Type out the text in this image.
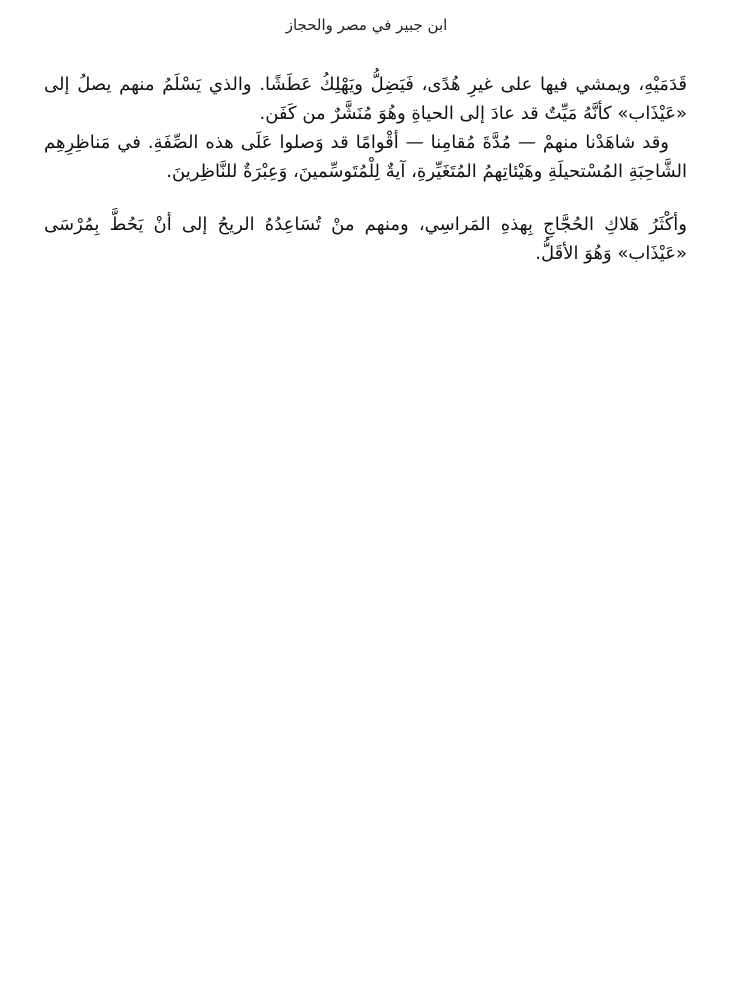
ابن جبير في مصر والحجاز

قَدَمَيْهِ، ويمشي فيها على غيرِ هُدًى، فَيَضِلُّ ويَهْلِكُ عَطَشًا. والذي يَسْلَمُ منهم يصلُ إلى «عَيْذَاب» كأنَّهُ مَيِّتٌ قد عادَ إلى الحياةِ وهُوَ مُنَشَّرٌ من كَفَن.

وقد شاهَدْنا منهمْ — مُدَّةَ مُقامِنا — أقْوامًا قد وَصلوا عَلَى هذه الصِّفَةِ. في مَناظِرِهِم الشَّاحِبَةِ المُسْتحيلَةِ وهَيْئاتِهمُ المُتَغَيِّرةِ، آيةٌ لِلْمُتَوسِّمينَ، وَعِبْرَةٌ للنَّاظِرينَ.

وأكْثَرُ هَلاكِ الحُجَّاجِ بِهذهِ المَراسِي، ومنهم منْ تُسَاعِدُهُ الريحُ إلى أنْ يَحُطَّ بِمُرْسَى «عَيْذَاب» وَهُوَ الأقَلُّ.
